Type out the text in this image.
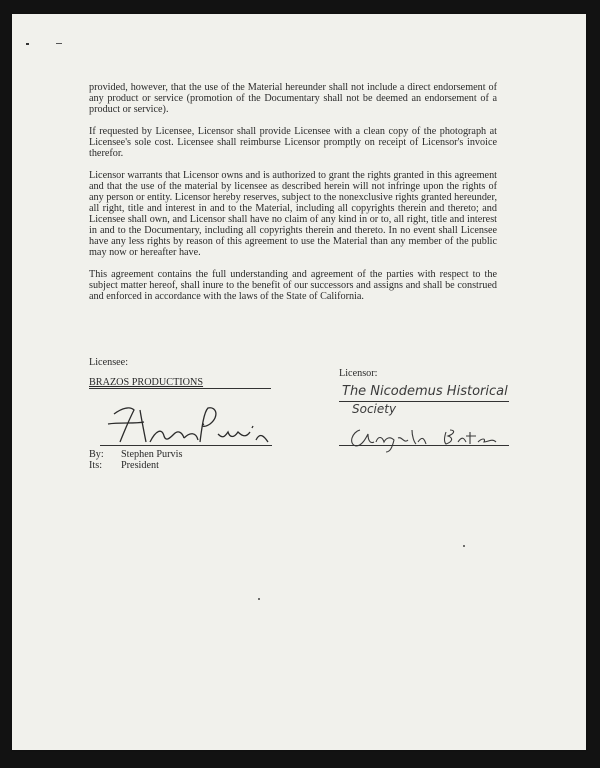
provided, however, that the use of the Material hereunder shall not include a direct endorsement of any product or service (promotion of the Documentary shall not be deemed an endorsement of a product or service).

If requested by Licensee, Licensor shall provide Licensee with a clean copy of the photograph at Licensee's sole cost. Licensee shall reimburse Licensor promptly on receipt of Licensor's invoice therefor.

Licensor warrants that Licensor owns and is authorized to grant the rights granted in this agreement and that the use of the material by licensee as described herein will not infringe upon the rights of any person or entity. Licensor hereby reserves, subject to the nonexclusive rights granted hereunder, all right, title and interest in and to the Material, including all copyrights therein and thereto; and Licensee shall own, and Licensor shall have no claim of any kind in or to, all right, title and interest in and to the Documentary, including all copyrights therein and thereto. In no event shall Licensee have any less rights by reason of this agreement to use the Material than any member of the public may now or hereafter have.

This agreement contains the full understanding and agreement of the parties with respect to the subject matter hereof, shall inure to the benefit of our successors and assigns and shall be construed and enforced in accordance with the laws of the State of California.

Licensee:
BRAZOS PRODUCTIONS
By: Stephen Purvis
Its: President
Licensor:
The Nicodemus Historical
Society
